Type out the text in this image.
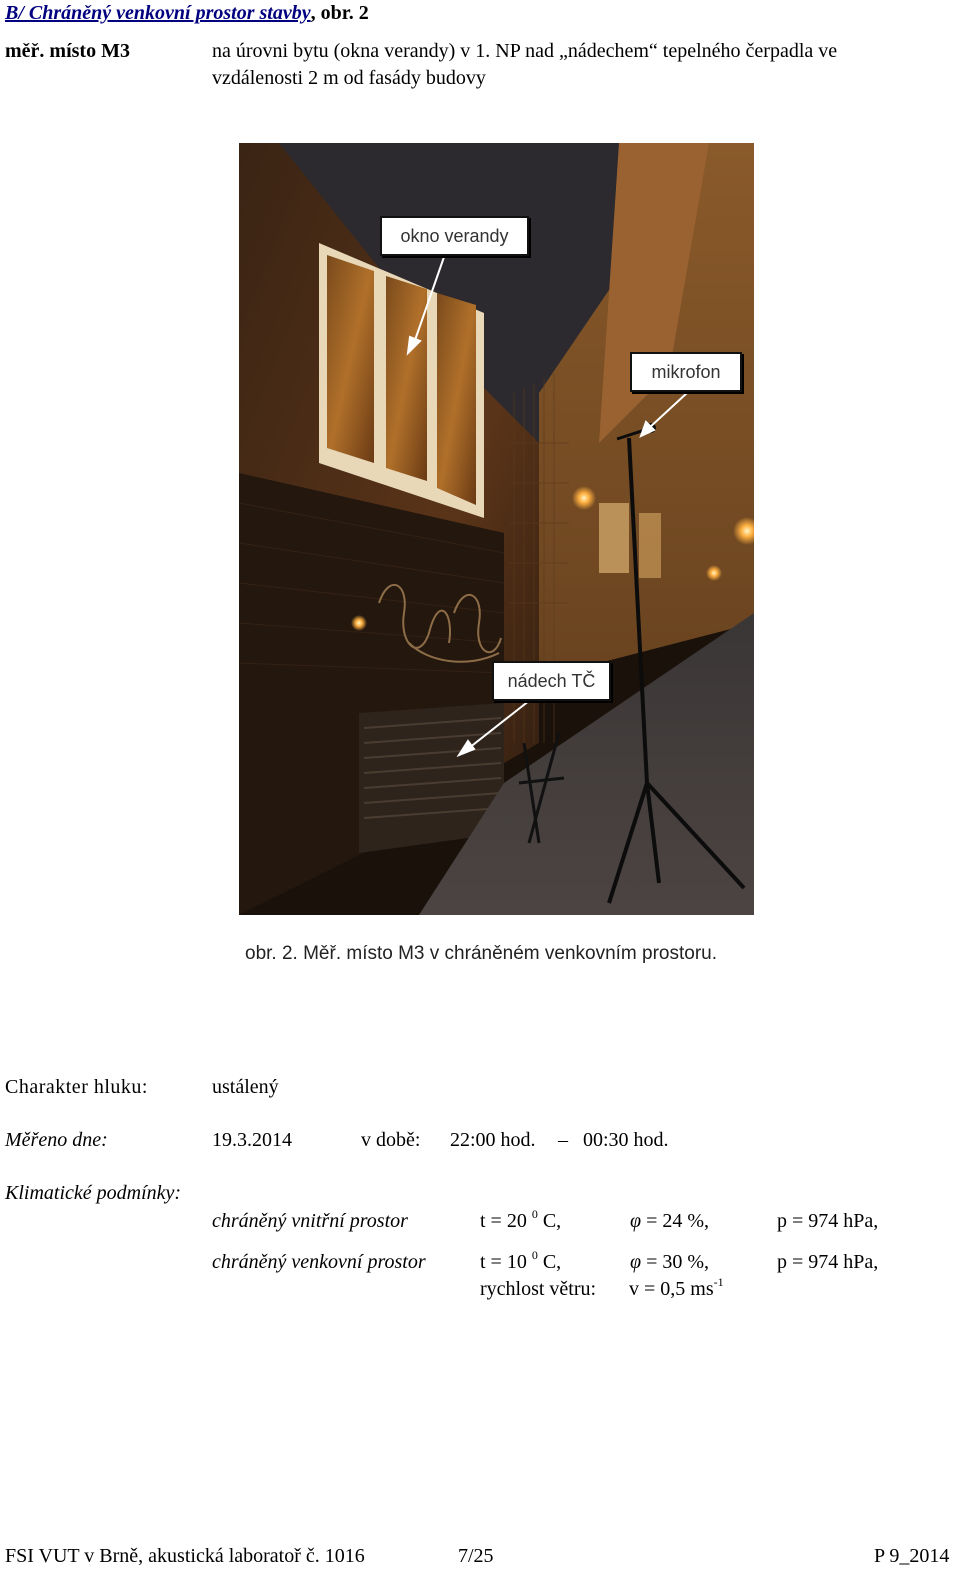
B/ Chráněný venkovní prostor stavby, obr. 2
měř. místo M3	na úrovni bytu (okna verandy) v 1. NP nad „nádechem“ tepelného čerpadla ve
vzdálenosti 2 m od fasády budovy
okno verandy
mikrofon
nádech TČ
obr. 2. Měř. místo M3 v chráněném venkovním prostoru.
Charakter hluku:	ustálený
Měřeno dne:	19.3.2014	v době: 22:00 hod. – 00:30 hod.
Klimatické podmínky:
chráněný vnitřní prostor	t = 20 $^0$ C,	φ = 24 %,	p = 974 hPa,
chráněný venkovní prostor	t = 10 $^0$ C,	φ = 30 %,	p = 974 hPa,
rychlost větru: v = 0,5 $ms^{-1}$
FSI VUT v Brně, akustická laboratoř č. 1016	7/25	P 9_2014
